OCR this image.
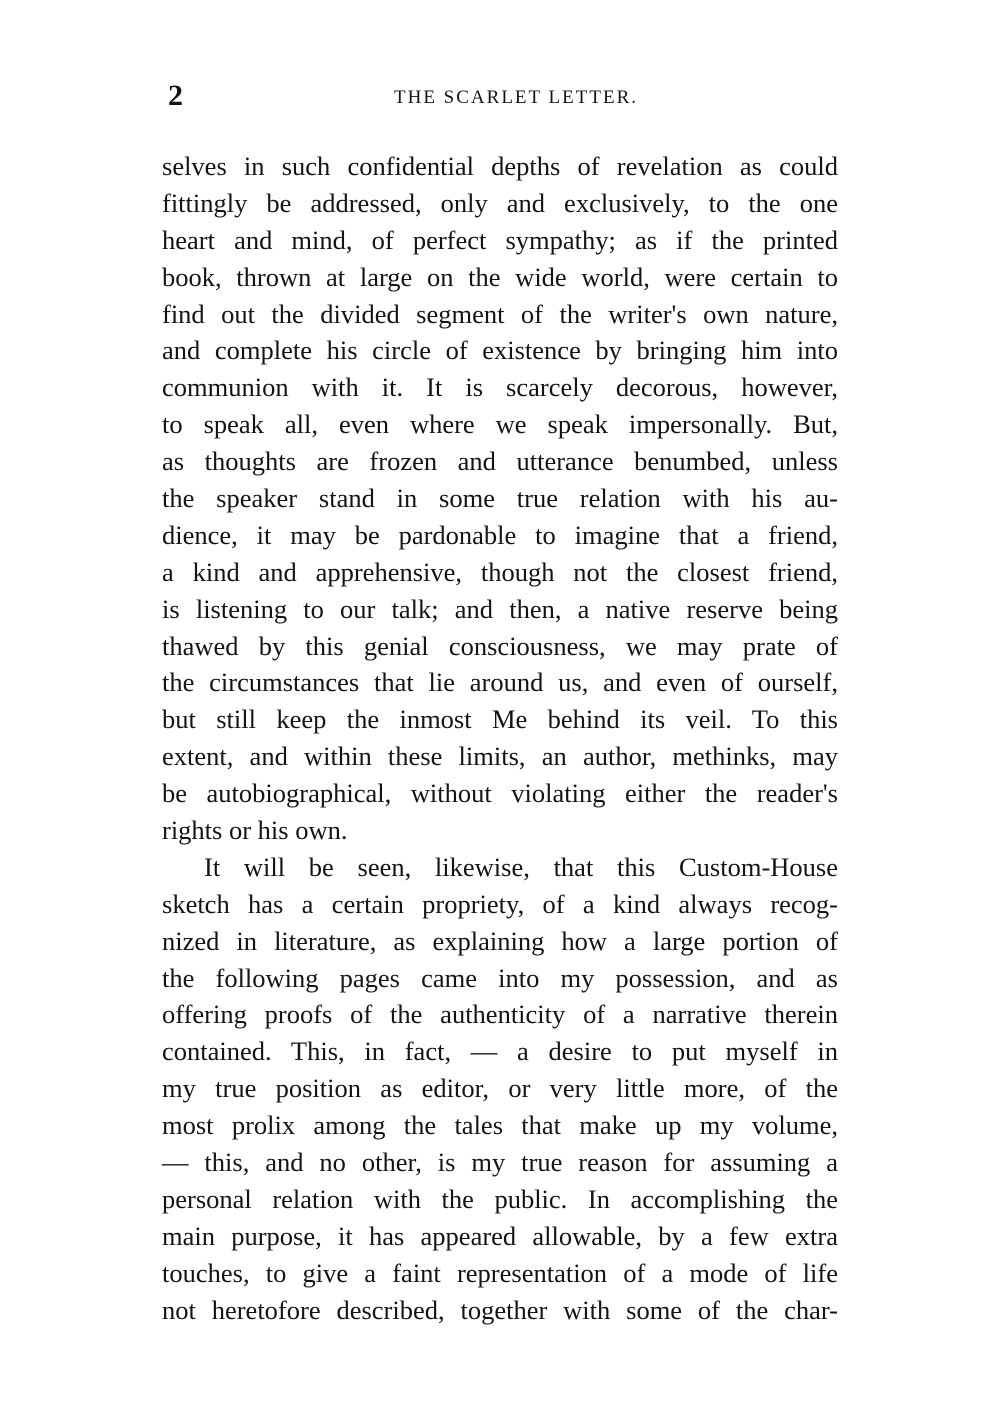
2	THE SCARLET LETTER.
selves in such confidential depths of revelation as could
fittingly be addressed, only and exclusively, to the one
heart and mind, of perfect sympathy; as if the printed
book, thrown at large on the wide world, were certain to
find out the divided segment of the writer's own nature,
and complete his circle of existence by bringing him into
communion with it. It is scarcely decorous, however,
to speak all, even where we speak impersonally. But,
as thoughts are frozen and utterance benumbed, unless
the speaker stand in some true relation with his au-
dience, it may be pardonable to imagine that a friend,
a kind and apprehensive, though not the closest friend,
is listening to our talk; and then, a native reserve being
thawed by this genial consciousness, we may prate of
the circumstances that lie around us, and even of ourself,
but still keep the inmost Me behind its veil. To this
extent, and within these limits, an author, methinks, may
be autobiographical, without violating either the reader's
rights or his own.
It will be seen, likewise, that this Custom-House
sketch has a certain propriety, of a kind always recog-
nized in literature, as explaining how a large portion of
the following pages came into my possession, and as
offering proofs of the authenticity of a narrative therein
contained. This, in fact, — a desire to put myself in
my true position as editor, or very little more, of the
most prolix among the tales that make up my volume,
— this, and no other, is my true reason for assuming a
personal relation with the public. In accomplishing the
main purpose, it has appeared allowable, by a few extra
touches, to give a faint representation of a mode of life
not heretofore described, together with some of the char-
